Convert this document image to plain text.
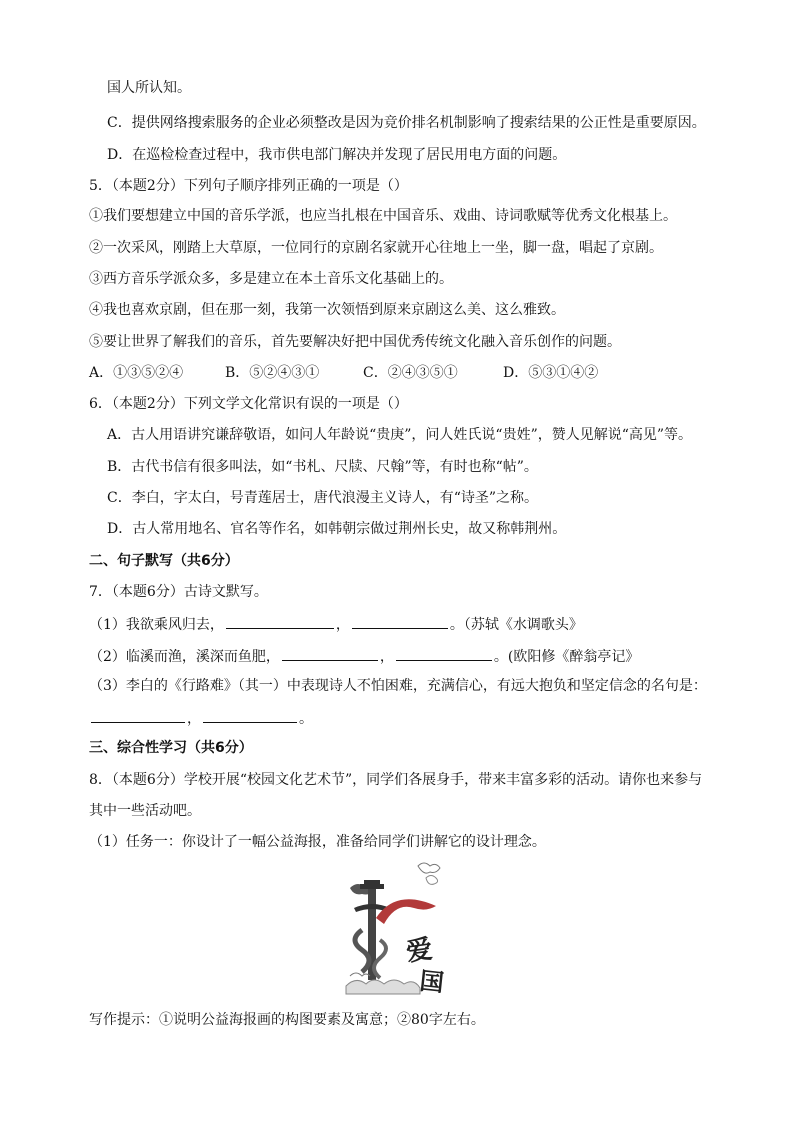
国人所认知。
C．提供网络搜索服务的企业必须整改是因为竞价排名机制影响了搜索结果的公正性是重要原因。
D．在巡检检查过程中，我市供电部门解决并发现了居民用电方面的问题。
5．（本题2分）下列句子顺序排列正确的一项是（）
①我们要想建立中国的音乐学派，也应当扎根在中国音乐、戏曲、诗词歌赋等优秀文化根基上。
②一次采风，刚踏上大草原，一位同行的京剧名家就开心往地上一坐，脚一盘，唱起了京剧。
③西方音乐学派众多，多是建立在本土音乐文化基础上的。
④我也喜欢京剧，但在那一刻，我第一次领悟到原来京剧这么美、这么雅致。
⑤要让世界了解我们的音乐，首先要解决好把中国优秀传统文化融入音乐创作的问题。
A．①③⑤②④	B．⑤②④③①	C．②④③⑤①	D．⑤③①④②
6．（本题2分）下列文学文化常识有误的一项是（）
A．古人用语讲究谦辞敬语，如问人年龄说“贵庚”，问人姓氏说“贵姓”，赞人见解说“高见”等。
B．古代书信有很多叫法，如“书札、尺牍、尺翰”等，有时也称“帖”。
C．李白，字太白，号青莲居士，唐代浪漫主义诗人，有“诗圣”之称。
D．古人常用地名、官名等作名，如韩朝宗做过荆州长史，故又称韩荆州。
二、句子默写（共6分）
7．（本题6分）古诗文默写。
（1）我欲乘风归去，	，	。（苏轼《水调歌头》
（2）临溪而渔，溪深而鱼肥，	，	。(欧阳修《醉翁亭记》
（3）李白的《行路难》（其一）中表现诗人不怕困难，充满信心，有远大抱负和坚定信念的名句是：
，	。
三、综合性学习（共6分）
8．（本题6分）学校开展“校园文化艺术节”，同学们各展身手，带来丰富多彩的活动。请你也来参与
其中一些活动吧。
（1）任务一：你设计了一幅公益海报，准备给同学们讲解它的设计理念。
爱
国
写作提示：①说明公益海报画的构图要素及寓意；②80字左右。
